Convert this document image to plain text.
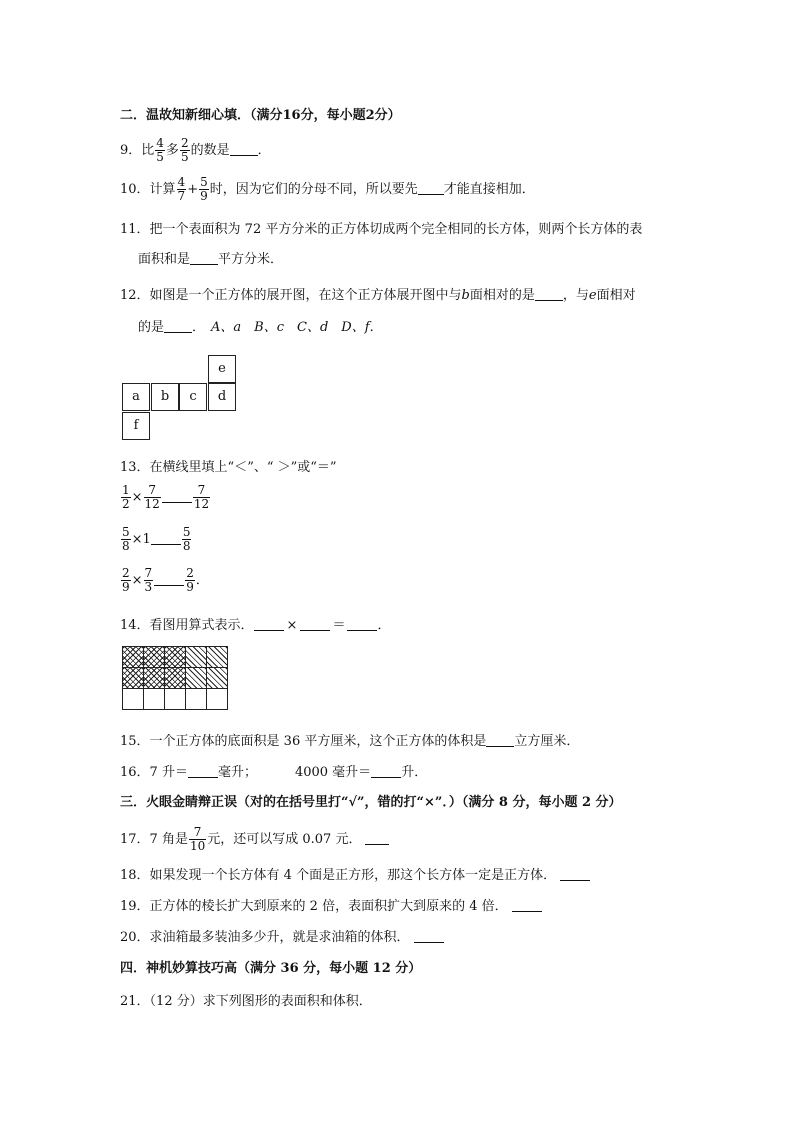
二．温故知新细心填．（满分16分，每小题2分）
9．比 $\frac{4}{5}$ 多 $\frac{2}{5}$ 的数是 ．
10．计算 $\frac{4}{7} + \frac{5}{9}$ 时，因为它们的分母不同，所以要先 才能直接相加．
11．把一个表面积为 72 平方分米的正方体切成两个完全相同的长方体，则两个长方体的表
面积和是 平方分米．
12．如图是一个正方体的展开图，在这个正方体展开图中与b面相对的是 ，与e面相对
的是 ． A、a　B、c　C、d　D、f．
e
a	b	c	d
f
13．在横线里填上“＜”、“ ＞”或“＝”
$\frac{1}{2} \times \frac{7}{12}$	$\frac{7}{12}$
$\frac{5}{8} \times 1$	$\frac{5}{8}$
$\frac{2}{9} \times \frac{7}{3}$	$\frac{2}{9}$ ．
14．看图用算式表示．	×	＝ ．
15．一个正方体的底面积是 36 平方厘米，这个正方体的体积是 立方厘米．
16．7 升＝ 毫升；	4000 毫升＝ 升．
三．火眼金睛辩正误（对的在括号里打“√”，错的打“×”．）（满分 8 分，每小题 2 分）
17．7 角是 $\frac{7}{10}$ 元，还可以写成 0.07 元．
18．如果发现一个长方体有 4 个面是正方形，那这个长方体一定是正方体．
19．正方体的棱长扩大到原来的 2 倍，表面积扩大到原来的 4 倍．
20．求油箱最多装油多少升，就是求油箱的体积．
四．神机妙算技巧高（满分 36 分，每小题 12 分）
21．（12 分）求下列图形的表面积和体积．
